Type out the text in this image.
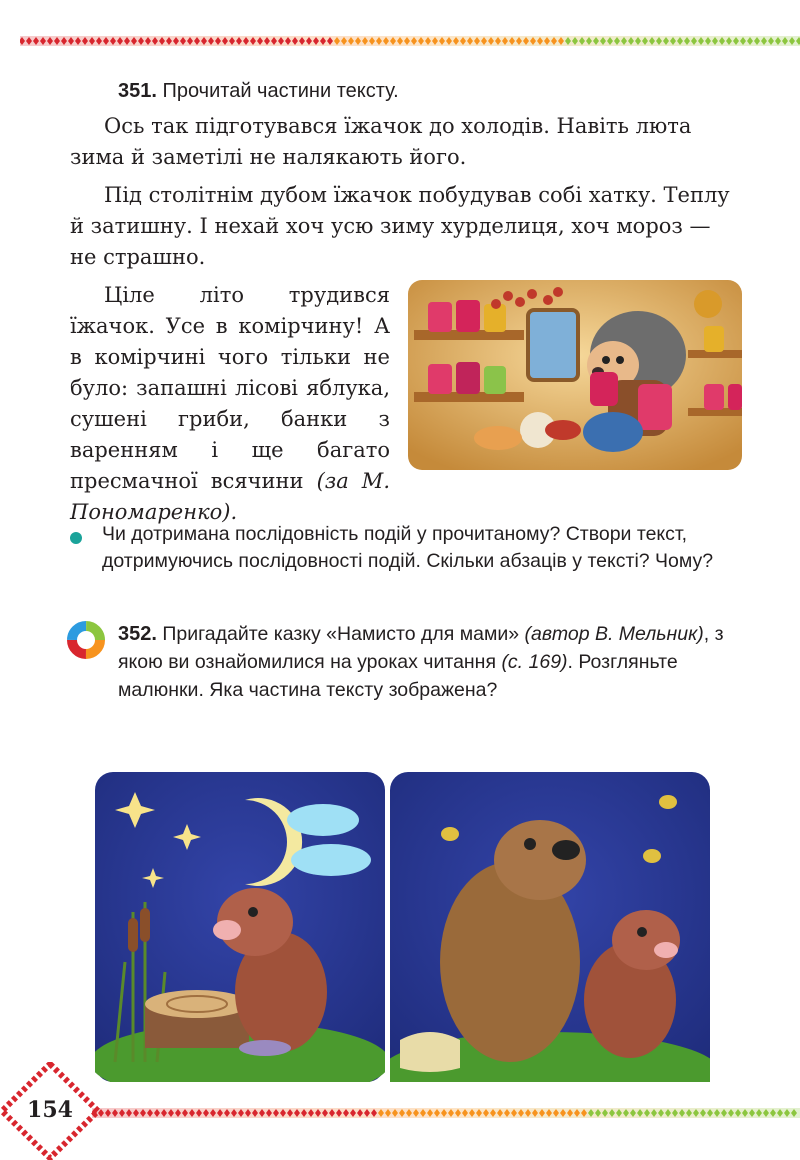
351. Прочитай частини тексту.
Ось так підготувався їжачок до холодів. Навіть люта зима й заметілі не налякають його.
Під столітнім дубом їжачок побудував собі хатку. Теплу й затишну. І нехай хоч усю зиму хурделиця, хоч мороз — не страшно.
Ціле літо трудився їжачок. Усе в комірчину! А в комірчині чого тільки не було: запашні лісові яблука, сушені гриби, банки з варенням і ще багато пресмачної всячини (за М. Пономаренко).
Чи дотримана послідовність подій у прочитаному? Створи текст, дотримуючись послідовності подій. Скільки абзаців у тексті? Чому?
352. Пригадайте казку «Намисто для мами» (автор В. Мельник), з якою ви ознайомилися на уроках читання (с. 169). Розгляньте малюнки. Яка частина тексту зображена?
154
